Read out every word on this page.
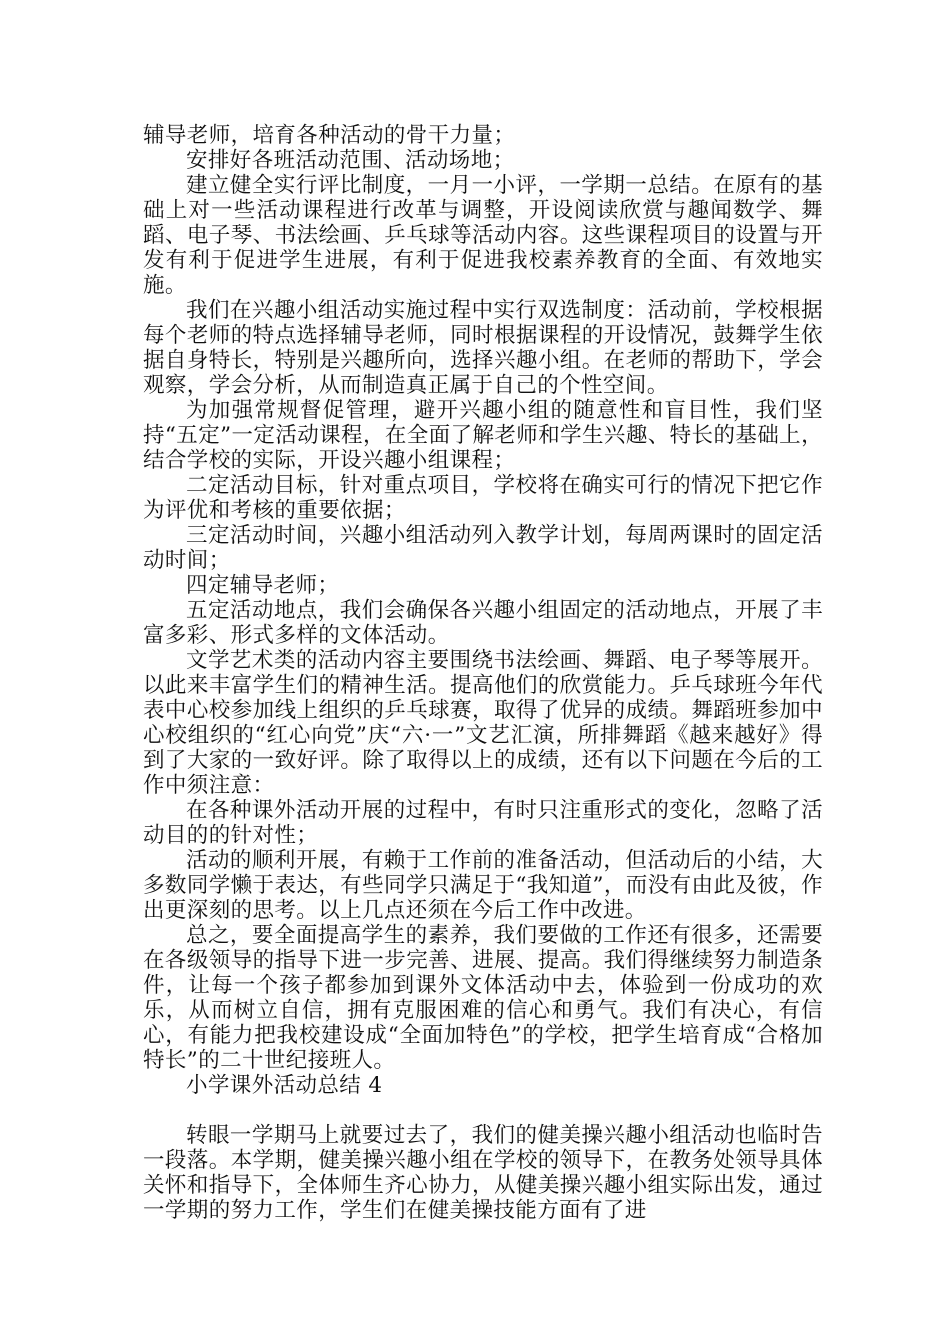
辅导老师，培育各种活动的骨干力量；

安排好各班活动范围、活动场地；

建立健全实行评比制度，一月一小评，一学期一总结。在原有的基础上对一些活动课程进行改革与调整，开设阅读欣赏与趣闻数学、舞蹈、电子琴、书法绘画、乒乓球等活动内容。这些课程项目的设置与开发有利于促进学生进展，有利于促进我校素养教育的全面、有效地实施。

我们在兴趣小组活动实施过程中实行双选制度：活动前，学校根据每个老师的特点选择辅导老师，同时根据课程的开设情况，鼓舞学生依据自身特长，特别是兴趣所向，选择兴趣小组。在老师的帮助下，学会观察，学会分析，从而制造真正属于自己的个性空间。

为加强常规督促管理，避开兴趣小组的随意性和盲目性，我们坚持“五定”一定活动课程，在全面了解老师和学生兴趣、特长的基础上，结合学校的实际，开设兴趣小组课程；

二定活动目标，针对重点项目，学校将在确实可行的情况下把它作为评优和考核的重要依据；

三定活动时间，兴趣小组活动列入教学计划，每周两课时的固定活动时间；

四定辅导老师；

五定活动地点，我们会确保各兴趣小组固定的活动地点，开展了丰富多彩、形式多样的文体活动。

文学艺术类的活动内容主要围绕书法绘画、舞蹈、电子琴等展开。以此来丰富学生们的精神生活。提高他们的欣赏能力。乒乓球班今年代表中心校参加线上组织的乒乓球赛，取得了优异的成绩。舞蹈班参加中心校组织的“红心向党”庆“六·一”文艺汇演，所排舞蹈《越来越好》得到了大家的一致好评。除了取得以上的成绩，还有以下问题在今后的工作中须注意：

在各种课外活动开展的过程中，有时只注重形式的变化，忽略了活动目的的针对性；

活动的顺利开展，有赖于工作前的准备活动，但活动后的小结，大多数同学懒于表达，有些同学只满足于“我知道”，而没有由此及彼，作出更深刻的思考。以上几点还须在今后工作中改进。

总之，要全面提高学生的素养，我们要做的工作还有很多，还需要在各级领导的指导下进一步完善、进展、提高。我们得继续努力制造条件，让每一个孩子都参加到课外文体活动中去，体验到一份成功的欢乐，从而树立自信，拥有克服困难的信心和勇气。我们有决心，有信心，有能力把我校建设成“全面加特色”的学校，把学生培育成“合格加特长”的二十世纪接班人。

小学课外活动总结 4

转眼一学期马上就要过去了，我们的健美操兴趣小组活动也临时告一段落。本学期，健美操兴趣小组在学校的领导下，在教务处领导具体关怀和指导下，全体师生齐心协力，从健美操兴趣小组实际出发，通过一学期的努力工作，学生们在健美操技能方面有了进
